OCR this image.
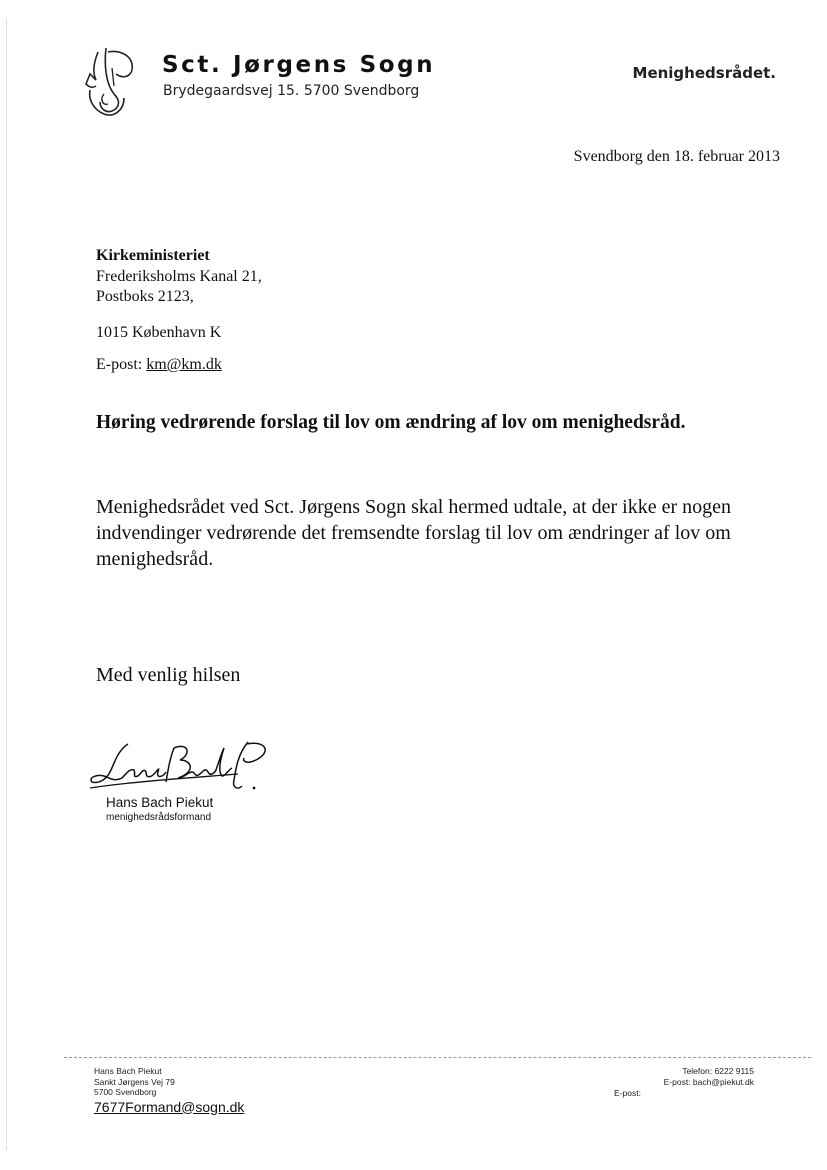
Sct. Jørgens Sogn
Brydegaardsvej 15. 5700 Svendborg
Menighedsrådet.
Svendborg den 18. februar 2013
Kirkeministeriet
Frederiksholms Kanal 21,
Postboks 2123,
1015 København K
E-post: km@km.dk
Høring vedrørende forslag til lov om ændring af lov om menighedsråd.

Menighedsrådet ved Sct. Jørgens Sogn skal hermed udtale, at der ikke er nogen indvendinger vedrørende det fremsendte forslag til lov om ændringer af lov om menighedsråd.

Med venlig hilsen
Hans Bach Piekut
menighedsrådsformand
Hans Bach Piekut
Sankt Jørgens Vej 79
5700 Svendborg
7677Formand@sogn.dk
Telefon: 6222 9115
E-post: bach@piekut.dk
E-post:
